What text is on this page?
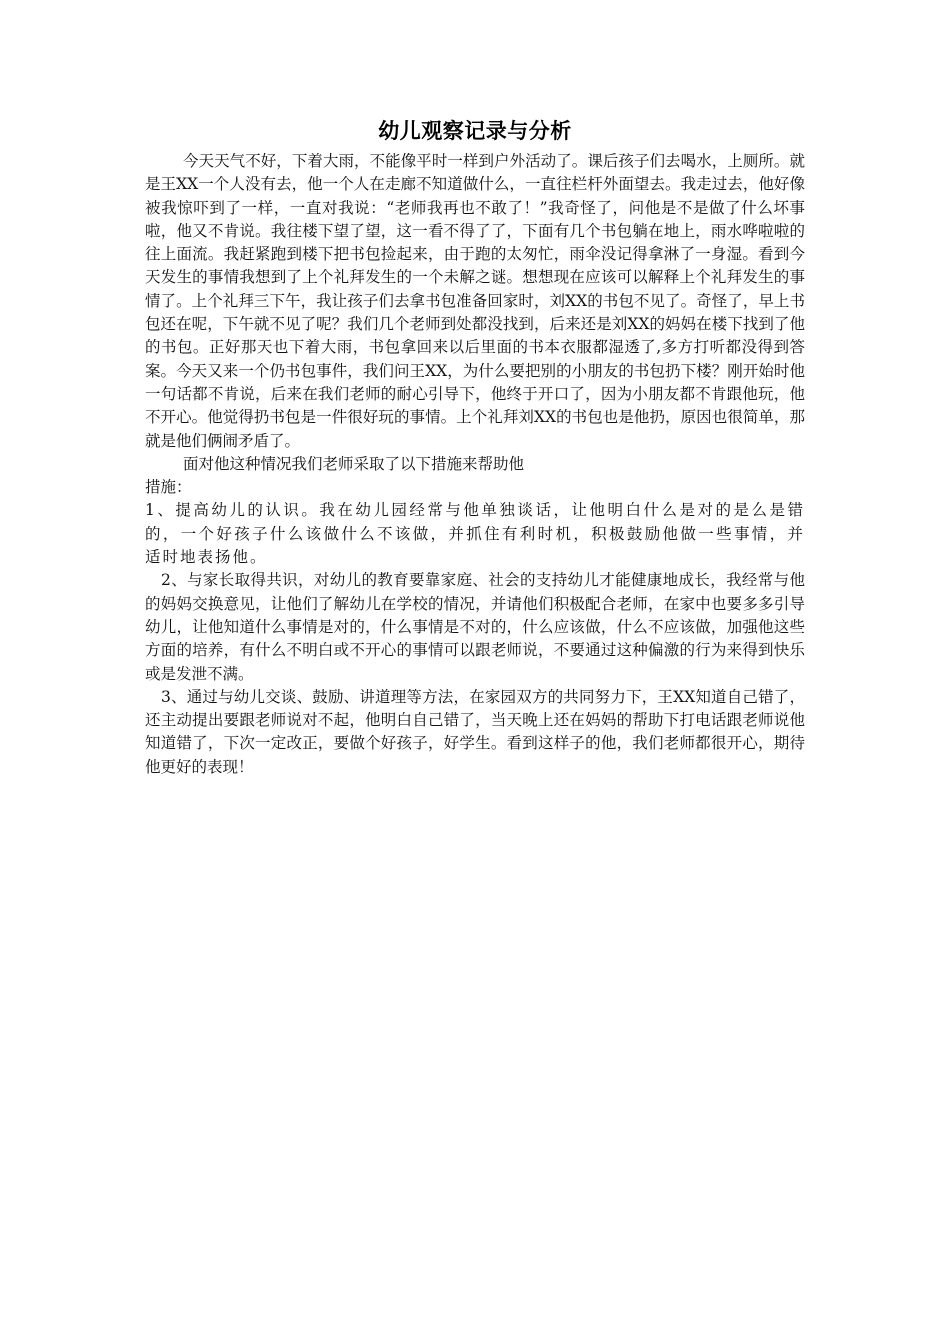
幼儿观察记录与分析

今天天气不好，下着大雨，不能像平时一样到户外活动了。课后孩子们去喝水，上厕所。就是王XX一个人没有去，他一个人在走廊不知道做什么，一直往栏杆外面望去。我走过去，他好像被我惊吓到了一样，一直对我说：“老师我再也不敢了！”我奇怪了，问他是不是做了什么坏事啦，他又不肯说。我往楼下望了望，这一看不得了了，下面有几个书包躺在地上，雨水哗啦啦的往上面流。我赶紧跑到楼下把书包捡起来，由于跑的太匆忙，雨伞没记得拿淋了一身湿。看到今天发生的事情我想到了上个礼拜发生的一个未解之谜。想想现在应该可以解释上个礼拜发生的事情了。上个礼拜三下午，我让孩子们去拿书包准备回家时，刘XX的书包不见了。奇怪了，早上书包还在呢，下午就不见了呢？我们几个老师到处都没找到，后来还是刘XX的妈妈在楼下找到了他的书包。正好那天也下着大雨，书包拿回来以后里面的书本衣服都湿透了,多方打听都没得到答案。今天又来一个仍书包事件，我们问王XX，为什么要把别的小朋友的书包扔下楼？刚开始时他一句话都不肯说，后来在我们老师的耐心引导下，他终于开口了，因为小朋友都不肯跟他玩，他不开心。他觉得扔书包是一件很好玩的事情。上个礼拜刘XX的书包也是他扔，原因也很简单，那就是他们俩闹矛盾了。

面对他这种情况我们老师采取了以下措施来帮助他

措施：

1、提高幼儿的认识。我在幼儿园经常与他单独谈话，让他明白什么是对的是么是错的，一个好孩子什么该做什么不该做，并抓住有利时机，积极鼓励他做一些事情，并适时地表扬他。

2、与家长取得共识，对幼儿的教育要靠家庭、社会的支持幼儿才能健康地成长，我经常与他的妈妈交换意见，让他们了解幼儿在学校的情况，并请他们积极配合老师，在家中也要多多引导幼儿，让他知道什么事情是对的，什么事情是不对的，什么应该做，什么不应该做，加强他这些方面的培养，有什么不明白或不开心的事情可以跟老师说，不要通过这种偏激的行为来得到快乐或是发泄不满。

3、通过与幼儿交谈、鼓励、讲道理等方法，在家园双方的共同努力下，王XX知道自己错了，还主动提出要跟老师说对不起，他明白自己错了，当天晚上还在妈妈的帮助下打电话跟老师说他知道错了，下次一定改正，要做个好孩子，好学生。看到这样子的他，我们老师都很开心，期待他更好的表现！
